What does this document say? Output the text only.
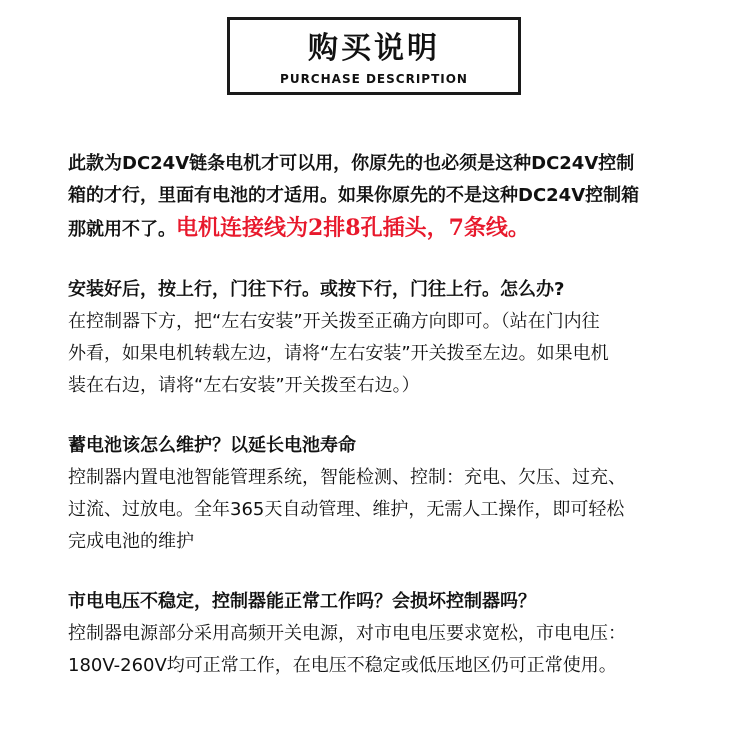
购买说明
PURCHASE DESCRIPTION
此款为DC24V链条电机才可以用，你原先的也必须是这种DC24V控制
箱的才行，里面有电池的才适用。如果你原先的不是这种DC24V控制箱
那就用不了。电机连接线为2排8孔插头，7条线。
安装好后，按上行，门往下行。或按下行，门往上行。怎么办?
在控制器下方，把“左右安装”开关拨至正确方向即可。（站在门内往
外看，如果电机转载左边，请将“左右安装”开关拨至左边。如果电机
装在右边，请将“左右安装”开关拨至右边。）
蓄电池该怎么维护？以延长电池寿命
控制器内置电池智能管理系统，智能检测、控制：充电、欠压、过充、
过流、过放电。全年365天自动管理、维护，无需人工操作，即可轻松
完成电池的维护
市电电压不稳定，控制器能正常工作吗？会损坏控制器吗？
控制器电源部分采用高频开关电源，对市电电压要求宽松，市电电压：
180V-260V均可正常工作，在电压不稳定或低压地区仍可正常使用。
